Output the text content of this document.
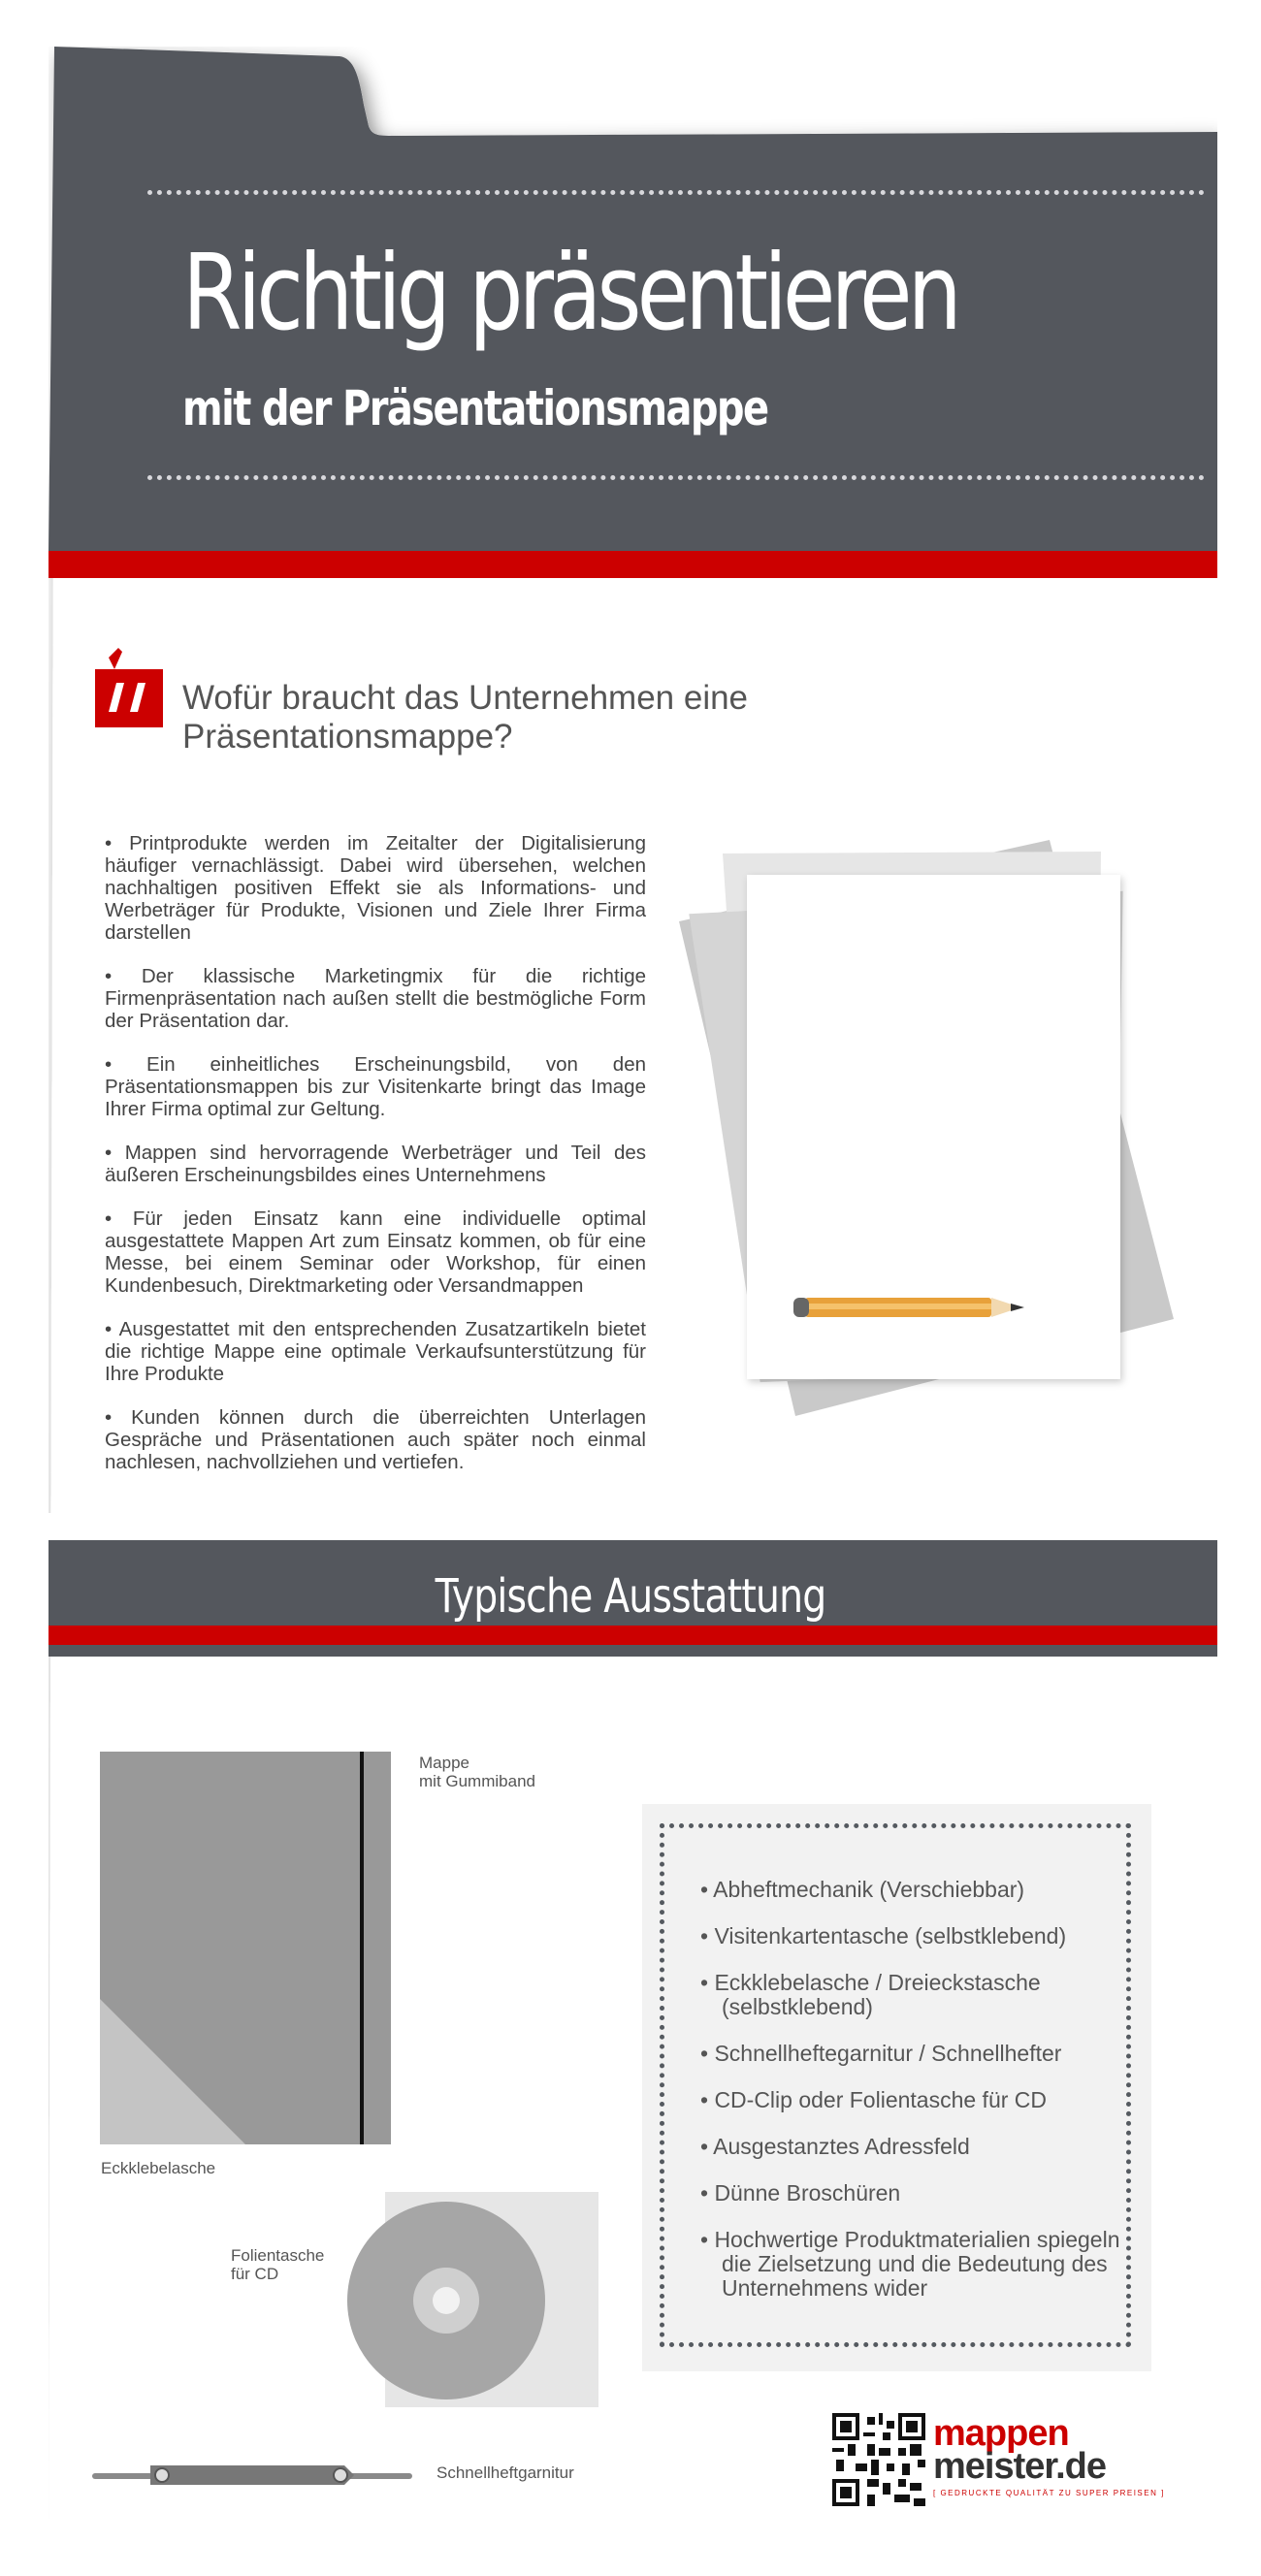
Richtig präsentieren
mit der Präsentationsmappe
Wofür braucht das Unternehmen eine Präsentationsmappe?

• Printprodukte werden im Zeitalter der Digitalisierung häufiger vernachlässigt. Dabei wird übersehen, welchen nachhaltigen positiven Effekt sie als Informations- und Werbeträger für Produkte, Visionen und Ziele Ihrer Firma darstellen

• Der klassische Marketingmix für die richtige Firmenpräsentation nach außen stellt die bestmögliche Form der Präsentation dar.

• Ein einheitliches Erscheinungsbild, von den Präsentationsmappen bis zur Visitenkarte bringt das Image Ihrer Firma optimal zur Geltung.

• Mappen sind hervorragende Werbeträger und Teil des äußeren Erscheinungsbildes eines Unternehmens

• Für jeden Einsatz kann eine individuelle optimal ausgestattete Mappen Art zum Einsatz kommen, ob für eine Messe, bei einem Seminar oder Workshop, für einen Kundenbesuch, Direktmarketing oder Versandmappen

• Ausgestattet mit den entsprechenden Zusatzartikeln bietet die richtige Mappe eine optimale Verkaufsunterstützung für Ihre Produkte

• Kunden können durch die überreichten Unterlagen Gespräche und Präsentationen auch später noch einmal nachlesen, nachvollziehen und vertiefen.

Typische Ausstattung
Mappe
mit Gummiband
Eckklebelasche
Folientasche
für CD
Schnellheftgarnitur
• Abheftmechanik (Verschiebbar)
• Visitenkartentasche (selbstklebend)
• Eckklebelasche / Dreieckstasche (selbstklebend)
• Schnellheftegarnitur / Schnellhefter
• CD-Clip oder Folientasche für CD
• Ausgestanztes Adressfeld
• Dünne Broschüren
• Hochwertige Produktmaterialien spiegeln die Zielsetzung und die Bedeutung des Unternehmens wider

mappen

meister.de

[ GEDRUCKTE QUALITÄT ZU SUPER PREISEN ]
